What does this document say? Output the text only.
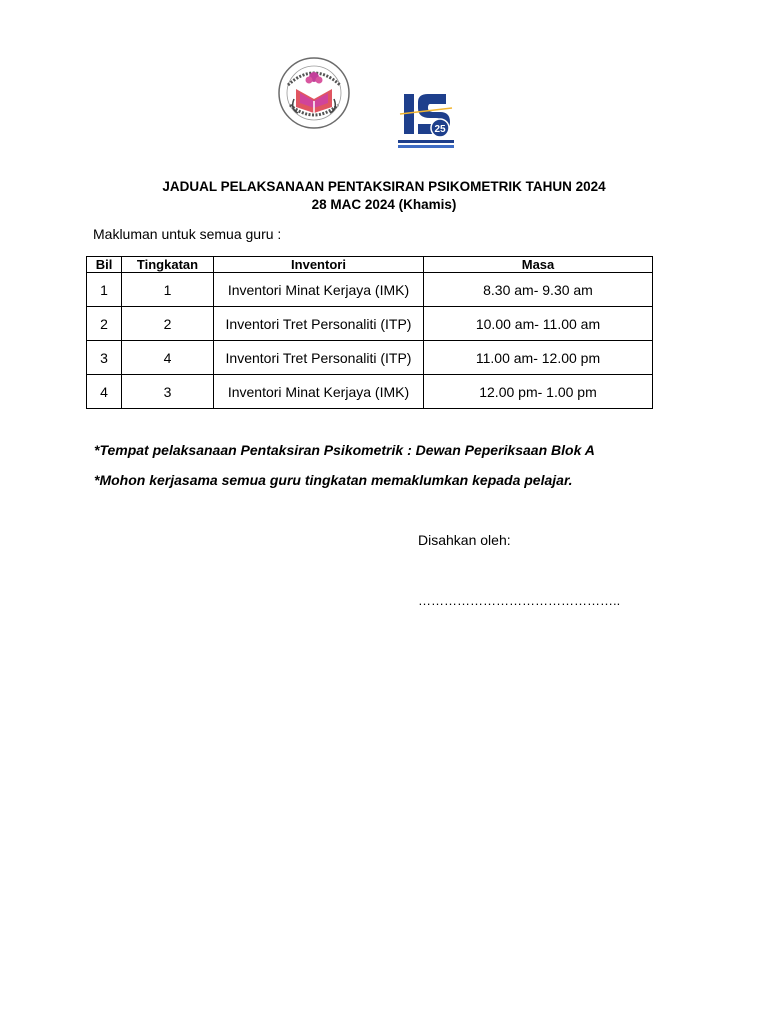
25
JADUAL PELAKSANAAN PENTAKSIRAN PSIKOMETRIK TAHUN 2024
28 MAC 2024 (Khamis)
Makluman untuk semua guru :
Bil	Tingkatan	Inventori	Masa
1	1	Inventori Minat Kerjaya (IMK)	8.30 am- 9.30 am
2	2	Inventori Tret Personaliti (ITP)	10.00 am- 11.00 am
3	4	Inventori Tret Personaliti (ITP)	11.00 am- 12.00 pm
4	3	Inventori Minat Kerjaya (IMK)	12.00 pm- 1.00 pm
*Tempat pelaksanaan Pentaksiran Psikometrik : Dewan Peperiksaan Blok A
*Mohon kerjasama semua guru tingkatan memaklumkan kepada pelajar.
Disahkan oleh:
………………………………………..
